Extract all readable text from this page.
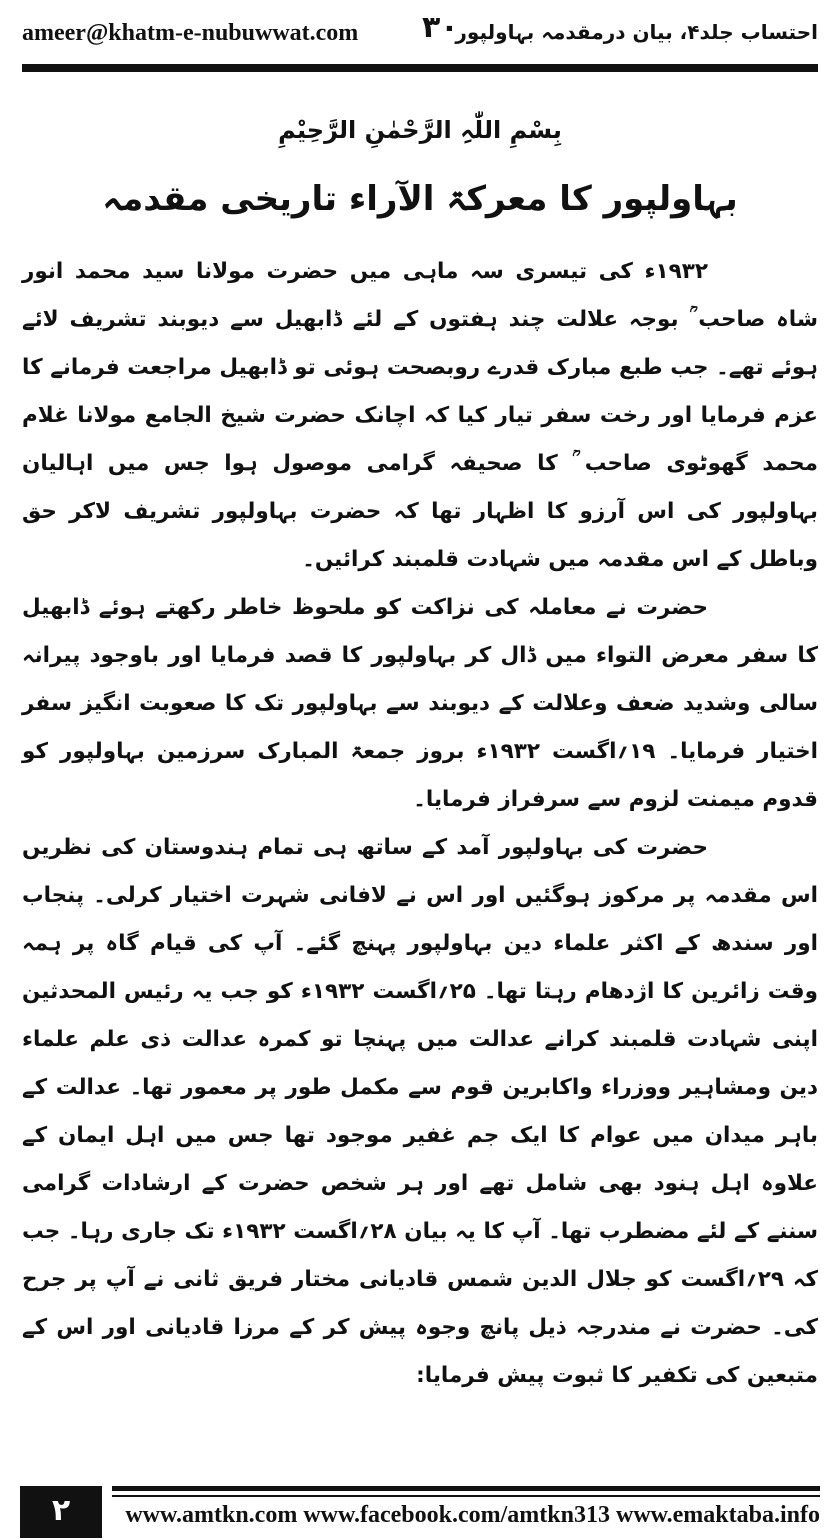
ameer@khatm-e-nubuwwat.com ۳۰
احتساب جلد۴، بیان درمقدمہ بہاولپور
بِسْمِ اللّٰہِ الرَّحْمٰنِ الرَّحِیْمِ
بہاولپور کا معرکۃ الآراء تاریخی مقدمہ

۱۹۳۲ء کی تیسری سہ ماہی میں حضرت مولانا سید محمد انور شاہ صاحب ؒ بوجہ علالت چند ہفتوں کے لئے ڈابھیل سے دیوبند تشریف لائے ہوئے تھے۔ جب طبع مبارک قدرے روبصحت ہوئی تو ڈابھیل مراجعت فرمانے کا عزم فرمایا اور رخت سفر تیار کیا کہ اچانک حضرت شیخ الجامع مولانا غلام محمد گھوٹوی صاحب ؒ کا صحیفہ گرامی موصول ہوا جس میں اہالیان بہاولپور کی اس آرزو کا اظہار تھا کہ حضرت بہاولپور تشریف لاکر حق وباطل کے اس مقدمہ میں شہادت قلمبند کرائیں۔

حضرت نے معاملہ کی نزاکت کو ملحوظ خاطر رکھتے ہوئے ڈابھیل کا سفر معرض التواء میں ڈال کر بہاولپور کا قصد فرمایا اور باوجود پیرانہ سالی وشدید ضعف وعلالت کے دیوبند سے بہاولپور تک کا صعوبت انگیز سفر اختیار فرمایا۔ ۱۹؍اگست ۱۹۳۲ء بروز جمعۃ المبارک سرزمین بہاولپور کو قدوم میمنت لزوم سے سرفراز فرمایا۔

حضرت کی بہاولپور آمد کے ساتھ ہی تمام ہندوستان کی نظریں اس مقدمہ پر مرکوز ہوگئیں اور اس نے لافانی شہرت اختیار کرلی۔ پنجاب اور سندھ کے اکثر علماء دین بہاولپور پہنچ گئے۔ آپ کی قیام گاہ پر ہمہ وقت زائرین کا اژدھام رہتا تھا۔ ۲۵؍اگست ۱۹۳۲ء کو جب یہ رئیس المحدثین اپنی شہادت قلمبند کرانے عدالت میں پہنچا تو کمرہ عدالت ذی علم علماء دین ومشاہیر ووزراء واکابرین قوم سے مکمل طور پر معمور تھا۔ عدالت کے باہر میدان میں عوام کا ایک جم غفیر موجود تھا جس میں اہل ایمان کے علاوہ اہل ہنود بھی شامل تھے اور ہر شخص حضرت کے ارشادات گرامی سننے کے لئے مضطرب تھا۔ آپ کا یہ بیان ۲۸؍اگست ۱۹۳۲ء تک جاری رہا۔ جب کہ ۲۹؍اگست کو جلال الدین شمس قادیانی مختار فریق ثانی نے آپ پر جرح کی۔ حضرت نے مندرجہ ذیل پانچ وجوہ پیش کر کے مرزا قادیانی اور اس کے متبعین کی تکفیر کا ثبوت پیش فرمایا:

۲	www.amtkn.com www.facebook.com/amtkn313 www.emaktaba.info
